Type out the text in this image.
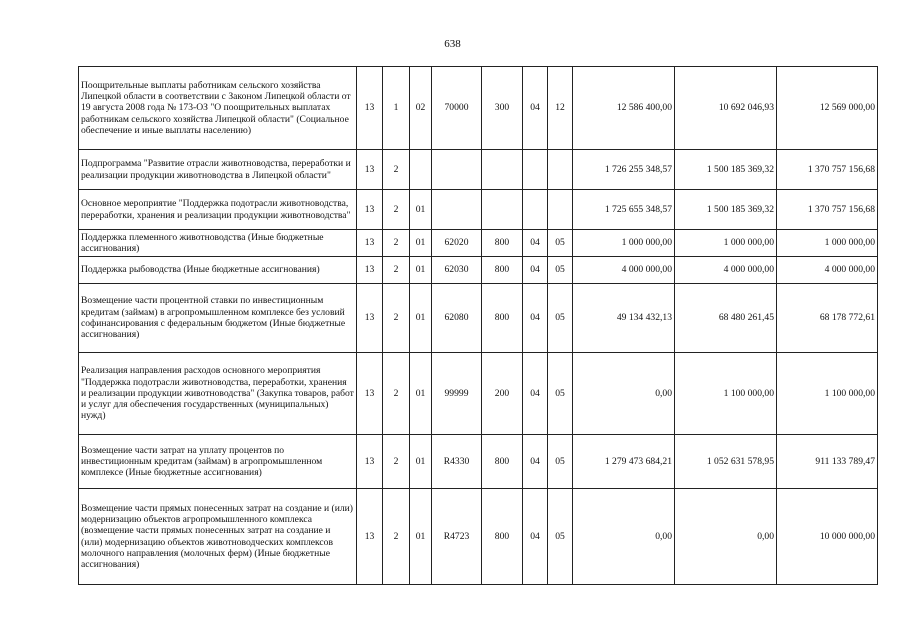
638
Поощрительные выплаты работникам сельского хозяйства Липецкой области в соответствии с Законом Липецкой области от 19 августа 2008 года № 173-ОЗ "О поощрительных выплатах работникам сельского хозяйства Липецкой области" (Социальное обеспечение и иные выплаты населению)	13	1	02	70000	300	04	12	12 586 400,00	10 692 046,93	12 569 000,00
Подпрограмма "Развитие отрасли животноводства, переработки и реализации продукции животноводства в Липецкой области"	13	2						1 726 255 348,57	1 500 185 369,32	1 370 757 156,68
Основное мероприятие "Поддержка подотрасли животноводства, переработки, хранения и реализации продукции животноводства"	13	2	01					1 725 655 348,57	1 500 185 369,32	1 370 757 156,68
Поддержка племенного животноводства (Иные бюджетные ассигнования)	13	2	01	62020	800	04	05	1 000 000,00	1 000 000,00	1 000 000,00
Поддержка рыбоводства (Иные бюджетные ассигнования)	13	2	01	62030	800	04	05	4 000 000,00	4 000 000,00	4 000 000,00
Возмещение части процентной ставки по инвестиционным кредитам (займам) в агропромышленном комплексе без условий софинансирования с федеральным бюджетом (Иные бюджетные ассигнования)	13	2	01	62080	800	04	05	49 134 432,13	68 480 261,45	68 178 772,61
Реализация направления расходов основного мероприятия "Поддержка подотрасли животноводства, переработки, хранения и реализации продукции животноводства" (Закупка товаров, работ и услуг для обеспечения государственных (муниципальных) нужд)	13	2	01	99999	200	04	05	0,00	1 100 000,00	1 100 000,00
Возмещение части затрат на уплату процентов по инвестиционным кредитам (займам) в агропромышленном комплексе (Иные бюджетные ассигнования)	13	2	01	R4330	800	04	05	1 279 473 684,21	1 052 631 578,95	911 133 789,47
Возмещение части прямых понесенных затрат на создание и (или) модернизацию объектов агропромышленного комплекса (возмещение части прямых понесенных затрат на создание и (или) модернизацию объектов животноводческих комплексов молочного направления (молочных ферм) (Иные бюджетные ассигнования)	13	2	01	R4723	800	04	05	0,00	0,00	10 000 000,00
